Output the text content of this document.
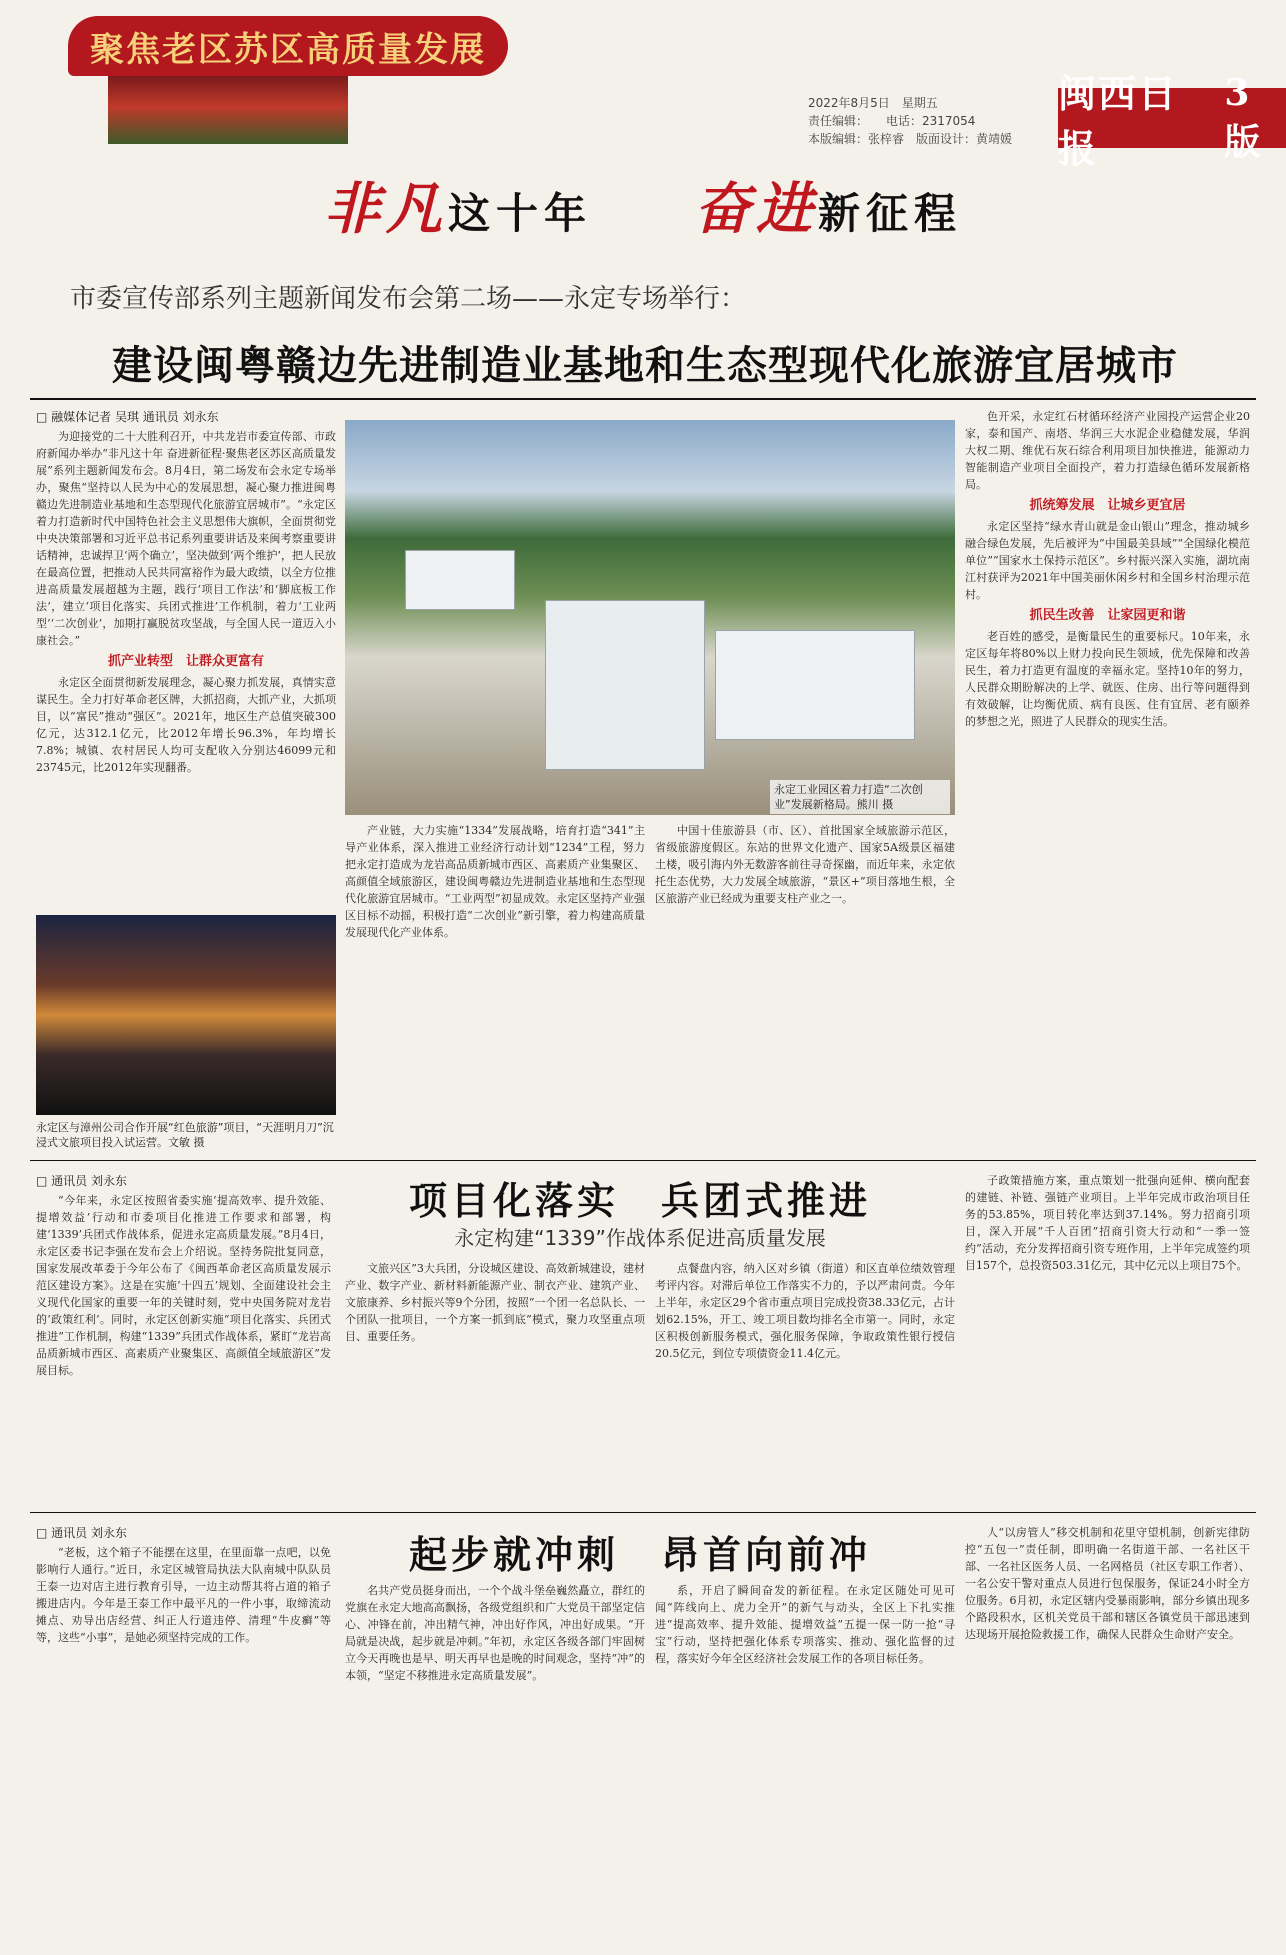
聚焦老区苏区高质量发展
2022年8月5日　星期五
责任编辑：　　电话：2317054
本版编辑：张梓睿　版面设计：黄靖媛
闽西日报
3版
非凡这十年 奋进新征程
市委宣传部系列主题新闻发布会第二场——永定专场举行：
建设闽粤赣边先进制造业基地和生态型现代化旅游宜居城市
□ 融媒体记者 吴琪 通讯员 刘永东

为迎接党的二十大胜利召开，中共龙岩市委宣传部、市政府新闻办举办“非凡这十年 奋进新征程·聚焦老区苏区高质量发展”系列主题新闻发布会。8月4日，第二场发布会永定专场举办，聚焦“坚持以人民为中心的发展思想，凝心聚力推进闽粤赣边先进制造业基地和生态型现代化旅游宜居城市”。“永定区着力打造新时代中国特色社会主义思想伟大旗帜，全面贯彻党中央决策部署和习近平总书记系列重要讲话及来闽考察重要讲话精神，忠诚捍卫‘两个确立’，坚决做到‘两个维护’，把人民放在最高位置，把推动人民共同富裕作为最大政绩，以全方位推进高质量发展超越为主题，践行‘项目工作法’和‘脚底板工作法’，建立‘项目化落实、兵团式推进’工作机制，着力‘工业两型’‘二次创业’，加期打赢脱贫攻坚战，与全国人民一道迈入小康社会。”

抓产业转型　让群众更富有

永定区全面贯彻新发展理念，凝心聚力抓发展，真情实意谋民生。全力打好革命老区牌，大抓招商，大抓产业，大抓项目，以“富民”推动“强区”。2021年，地区生产总值突破300亿元，达312.1亿元，比2012年增长96.3%，年均增长7.8%；城镇、农村居民人均可支配收入分别达46099元和23745元，比2012年实现翻番。

永定区与漳州公司合作开展“红色旅游”项目，“天涯明月刀”沉浸式文旅项目投入试运营。文敏 摄
永定工业园区着力打造“二次创业”发展新格局。熊川 摄

产业链，大力实施“1334”发展战略，培育打造“341”主导产业体系，深入推进工业经济行动计划“1234”工程，努力把永定打造成为龙岩高品质新城市西区、高素质产业集聚区、高颜值全域旅游区，建设闽粤赣边先进制造业基地和生态型现代化旅游宜居城市。“工业两型”初显成效。永定区坚持产业强区目标不动摇，积极打造“二次创业”新引擎，着力构建高质量发展现代化产业体系。

中国十佳旅游县（市、区）、首批国家全域旅游示范区，省级旅游度假区。东站的世界文化遗产、国家5A级景区福建土楼，吸引海内外无数游客前往寻奇探幽，而近年来，永定依托生态优势，大力发展全域旅游，“景区+”项目落地生根，全区旅游产业已经成为重要支柱产业之一。

色开采，永定红石材循环经济产业园投产运营企业20家，泰和国产、南塔、华润三大水泥企业稳健发展，华润大权二期、维优石灰石综合利用项目加快推进，能源动力智能制造产业项目全面投产，着力打造绿色循环发展新格局。

抓统筹发展　让城乡更宜居

永定区坚持“绿水青山就是金山银山”理念，推动城乡融合绿色发展，先后被评为“中国最美县域”“全国绿化模范单位”“国家水土保持示范区”。乡村振兴深入实施，湖坑南江村获评为2021年中国美丽休闲乡村和全国乡村治理示范村。

抓民生改善　让家园更和谐

老百姓的感受，是衡量民生的重要标尺。10年来，永定区每年将80%以上财力投向民生领域，优先保障和改善民生，着力打造更有温度的幸福永定。坚持10年的努力，人民群众期盼解决的上学、就医、住房、出行等问题得到有效破解，让均衡优质、病有良医、住有宜居、老有颐养的梦想之光，照进了人民群众的现实生活。

项目化落实　兵团式推进
永定构建“1339”作战体系促进高质量发展
□ 通讯员 刘永东

“今年来，永定区按照省委实施‘提高效率、提升效能、提增效益’行动和市委项目化推进工作要求和部署，构建‘1339’兵团式作战体系，促进永定高质量发展。”8月4日，永定区委书记李强在发布会上介绍说。坚持务院批复同意，国家发展改革委于今年公布了《闽西革命老区高质量发展示范区建设方案》。这是在实施‘十四五’规划、全面建设社会主义现代化国家的重要一年的关键时刻，党中央国务院对龙岩的‘政策红利’。同时，永定区创新实施“项目化落实、兵团式推进”工作机制，构建“1339”兵团式作战体系，紧盯“龙岩高品质新城市西区、高素质产业聚集区、高颜值全域旅游区”发展目标。

文旅兴区”3大兵团，分设城区建设、高效新城建设，建材产业、数字产业、新材料新能源产业、制衣产业、建筑产业、文旅康养、乡村振兴等9个分团，按照“一个团一名总队长、一个团队一批项目，一个方案一抓到底”模式，聚力攻坚重点项目、重要任务。

点餐盘内容，纳入区对乡镇（街道）和区直单位绩效管理考评内容。对滞后单位工作落实不力的，予以严肃问责。今年上半年，永定区29个省市重点项目完成投资38.33亿元，占计划62.15%，开工、竣工项目数均排名全市第一。同时，永定区积极创新服务模式，强化服务保障，争取政策性银行授信20.5亿元，到位专项债资金11.4亿元。

子政策措施方案，重点策划一批强向延伸、横向配套的建链、补链、强链产业项目。上半年完成市政治项目任务的53.85%，项目转化率达到37.14%。努力招商引项目，深入开展“千人百团”招商引资大行动和“一季一签约”活动，充分发挥招商引资专班作用，上半年完成签约项目157个，总投资503.31亿元，其中亿元以上项目75个。

起步就冲刺　昂首向前冲
□ 通讯员 刘永东

“老板，这个箱子不能摆在这里，在里面靠一点吧，以免影响行人通行。”近日，永定区城管局执法大队南城中队队员王泰一边对店主进行教育引导，一边主动帮其将占道的箱子搬进店内。今年是王泰工作中最平凡的一件小事，取缔流动摊点、劝导出店经营、纠正人行道违停、清理“牛皮癣”等等，这些“小事”，是她必须坚持完成的工作。

名共产党员挺身而出，一个个战斗堡垒巍然矗立，群红的党旗在永定大地高高飘扬，各级党组织和广大党员干部坚定信心、冲锋在前，冲出精气神，冲出好作风，冲出好成果。“开局就是决战，起步就是冲刺。”年初，永定区各级各部门牢固树立今天再晚也是早、明天再早也是晚的时间观念，坚持“冲”的本领，“坚定不移推进永定高质量发展”。

系，开启了瞬间奋发的新征程。在永定区随处可见可闻“阵线向上、虎力全开”的新气与动头，全区上下扎实推进“提高效率、提升效能、提增效益”五提一保一防一抢“寻宝”行动，坚持把强化体系专项落实、推动、强化监督的过程，落实好今年全区经济社会发展工作的各项目标任务。

人“以房管人”移交机制和花里守望机制，创新宪律防控“五包一”责任制，即明确一名街道干部、一名社区干部、一名社区医务人员、一名网格员（社区专职工作者）、一名公安干警对重点人员进行包保服务，保证24小时全方位服务。6月初，永定区辖内受暴雨影响，部分乡镇出现多个路段积水，区机关党员干部和辖区各镇党员干部迅速到达现场开展抢险救援工作，确保人民群众生命财产安全。
